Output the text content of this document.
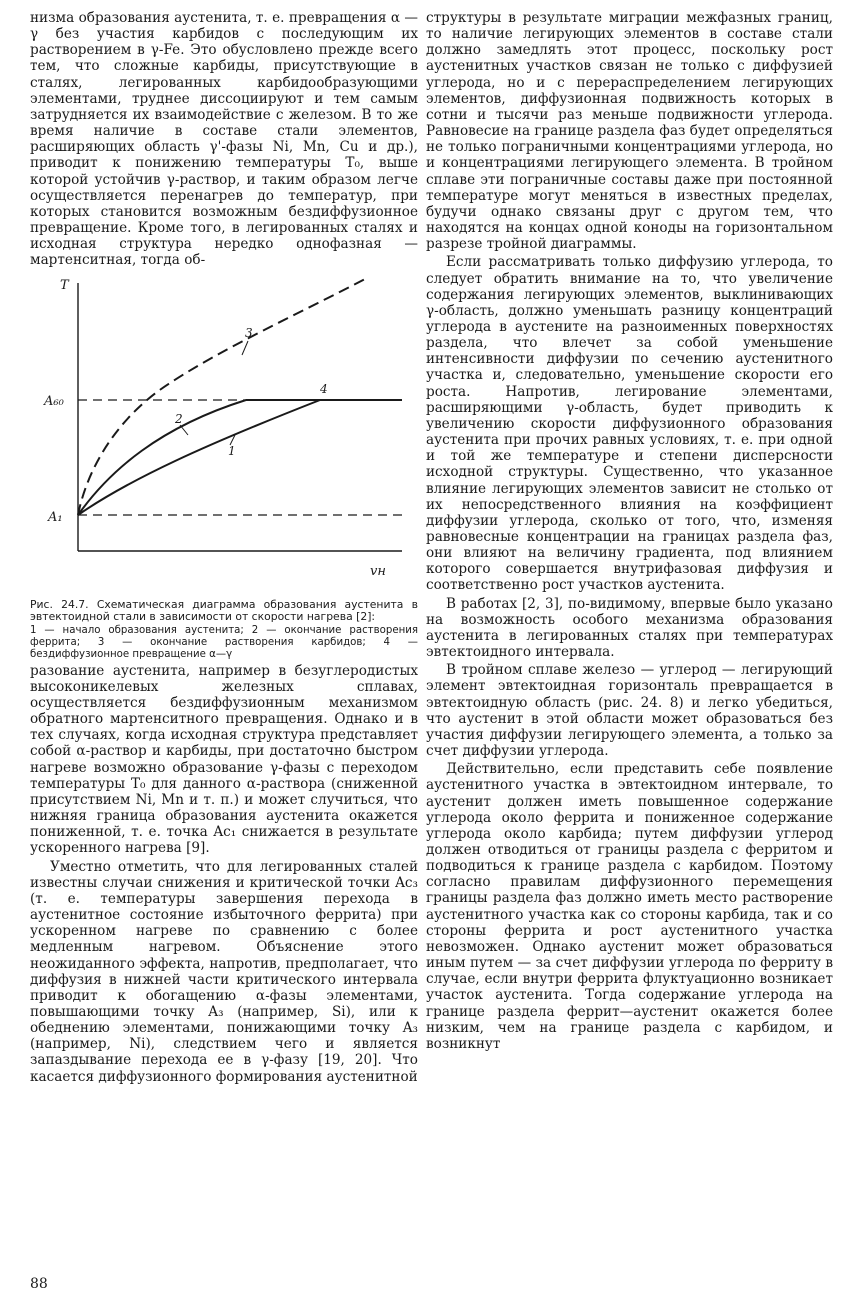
низма образования аустенита, т. е. превращения α — γ без участия карбидов с последующим их растворением в γ-Fe. Это обусловлено прежде всего тем, что сложные карбиды, присутствующие в сталях, легированных карбидообразующими элементами, труднее диссоциируют и тем самым затрудняется их взаимодействие с железом. В то же время наличие в составе стали элементов, расширяющих область γ'-фазы Ni, Mn, Cu и др.), приводит к понижению температуры T₀, выше которой устойчив γ-раствор, и таким образом легче осуществляется перенагрев до температур, при которых становится возможным бездиффузионное превращение. Кроме того, в легированных сталях и исходная структура нередко однофазная — мартенситная, тогда об-

T
vн
A₆₀
A₁
3
2
4
1

Рис. 24.7. Схематическая диаграмма образования аустенита в эвтектоидной стали в зависимости от скорости нагрева [2]:

1 — начало образования аустенита; 2 — окончание растворения феррита; 3 — окончание растворения карбидов; 4 — бездиффузионное превращение α—γ

разование аустенита, например в безуглеродистых высоконикелевых железных сплавах, осуществляется бездиффузионным механизмом обратного мартенситного превращения. Однако и в тех случаях, когда исходная структура представляет собой α-раствор и карбиды, при достаточно быстром нагреве возможно образование γ-фазы с переходом температуры T₀ для данного α-раствора (сниженной присутствием Ni, Mn и т. п.) и может случиться, что нижняя граница образования аустенита окажется пониженной, т. е. точка Ac₁ снижается в результате ускоренного нагрева [9].

Уместно отметить, что для легированных сталей известны случаи снижения и критической точки Ac₃ (т. е. температуры завершения перехода в аустенитное состояние избыточного феррита) при ускоренном нагреве по сравнению с более медленным нагревом. Объяснение этого неожиданного эффекта, напротив, предполагает, что диффузия в нижней части критического интервала приводит к обогащению α-фазы элементами, повышающими точку A₃ (например, Si), или к обеднению элементами, понижающими точку A₃ (например, Ni), следствием чего и является запаздывание перехода ее в γ-фазу [19, 20]. Что касается диффузионного формирования аустенитной

структуры в результате миграции межфазных границ, то наличие легирующих элементов в составе стали должно замедлять этот процесс, поскольку рост аустенитных участков связан не только с диффузией углерода, но и с перераспределением легирующих элементов, диффузионная подвижность которых в сотни и тысячи раз меньше подвижности углерода. Равновесие на границе раздела фаз будет определяться не только пограничными концентрациями углерода, но и концентрациями легирующего элемента. В тройном сплаве эти пограничные составы даже при постоянной температуре могут меняться в известных пределах, будучи однако связаны друг с другом тем, что находятся на концах одной коноды на горизонтальном разрезе тройной диаграммы.

Если рассматривать только диффузию углерода, то следует обратить внимание на то, что увеличение содержания легирующих элементов, выклинивающих γ-область, должно уменьшать разницу концентраций углерода в аустените на разноименных поверхностях раздела, что влечет за собой уменьшение интенсивности диффузии по сечению аустенитного участка и, следовательно, уменьшение скорости его роста. Напротив, легирование элементами, расширяющими γ-область, будет приводить к увеличению скорости диффузионного образования аустенита при прочих равных условиях, т. е. при одной и той же температуре и степени дисперсности исходной структуры. Существенно, что указанное влияние легирующих элементов зависит не столько от их непосредственного влияния на коэффициент диффузии углерода, сколько от того, что, изменяя равновесные концентрации на границах раздела фаз, они влияют на величину градиента, под влиянием которого совершается внутрифазовая диффузия и соответственно рост участков аустенита.

В работах [2, 3], по-видимому, впервые было указано на возможность особого механизма образования аустенита в легированных сталях при температурах эвтектоидного интервала.

В тройном сплаве железо — углерод — легирующий элемент эвтектоидная горизонталь превращается в эвтектоидную область (рис. 24. 8) и легко убедиться, что аустенит в этой области может образоваться без участия диффузии легирующего элемента, а только за счет диффузии углерода.

Действительно, если представить себе появление аустенитного участка в эвтектоидном интервале, то аустенит должен иметь повышенное содержание углерода около феррита и пониженное содержание углерода около карбида; путем диффузии углерод должен отводиться от границы раздела с ферритом и подводиться к границе раздела с карбидом. Поэтому согласно правилам диффузионного перемещения границы раздела фаз должно иметь место растворение аустенитного участка как со стороны карбида, так и со стороны феррита и рост аустенитного участка невозможен. Однако аустенит может образоваться иным путем — за счет диффузии углерода по ферриту в случае, если внутри феррита флуктуационно возникает участок аустенита. Тогда содержание углерода на границе раздела феррит—аустенит окажется более низким, чем на границе раздела с карбидом, и возникнут

88
